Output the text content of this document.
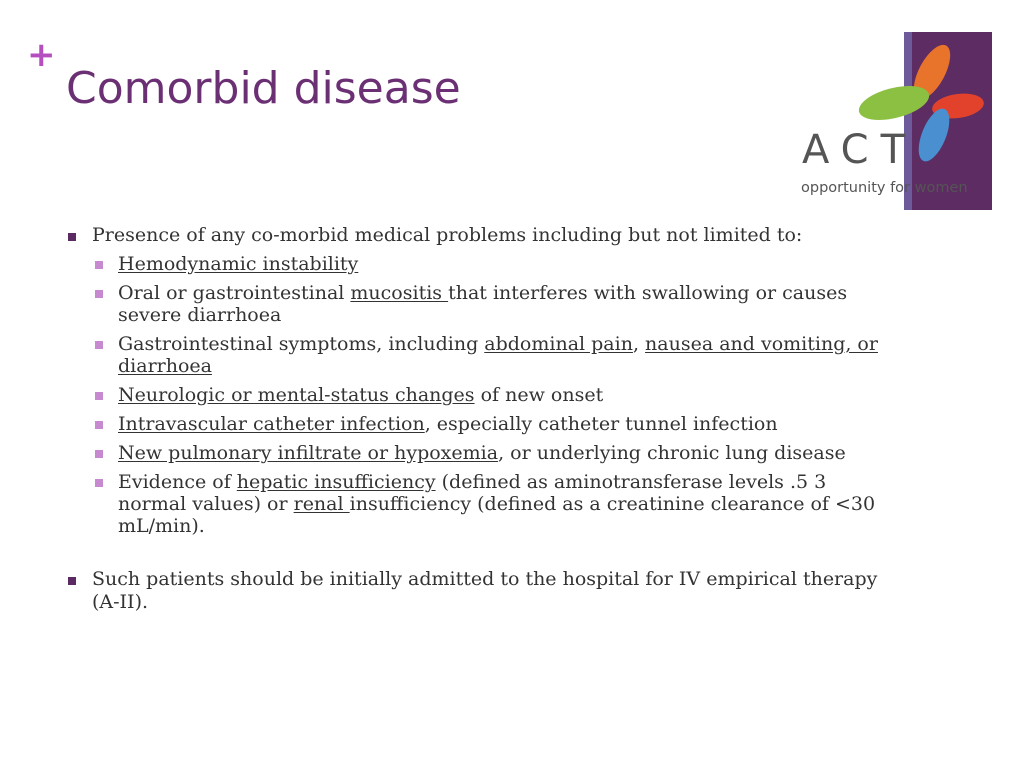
+
Comorbid disease
ACT
opportunity for women
Presence of any co-morbid medical problems including but not limited to:
Hemodynamic instability
Oral or gastrointestinal mucositis that interferes with swallowing or causes severe diarrhoea
Gastrointestinal symptoms, including abdominal pain, nausea and vomiting, or diarrhoea
Neurologic or mental-status changes of new onset
Intravascular catheter infection, especially catheter tunnel infection
New pulmonary infiltrate or hypoxemia, or underlying chronic lung disease
Evidence of hepatic insufficiency (defined as aminotransferase levels .5 3 normal values) or renal insufficiency (defined as a creatinine clearance of <30 mL/min).
Such patients should be initially admitted to the hospital for IV empirical therapy (A-II).
